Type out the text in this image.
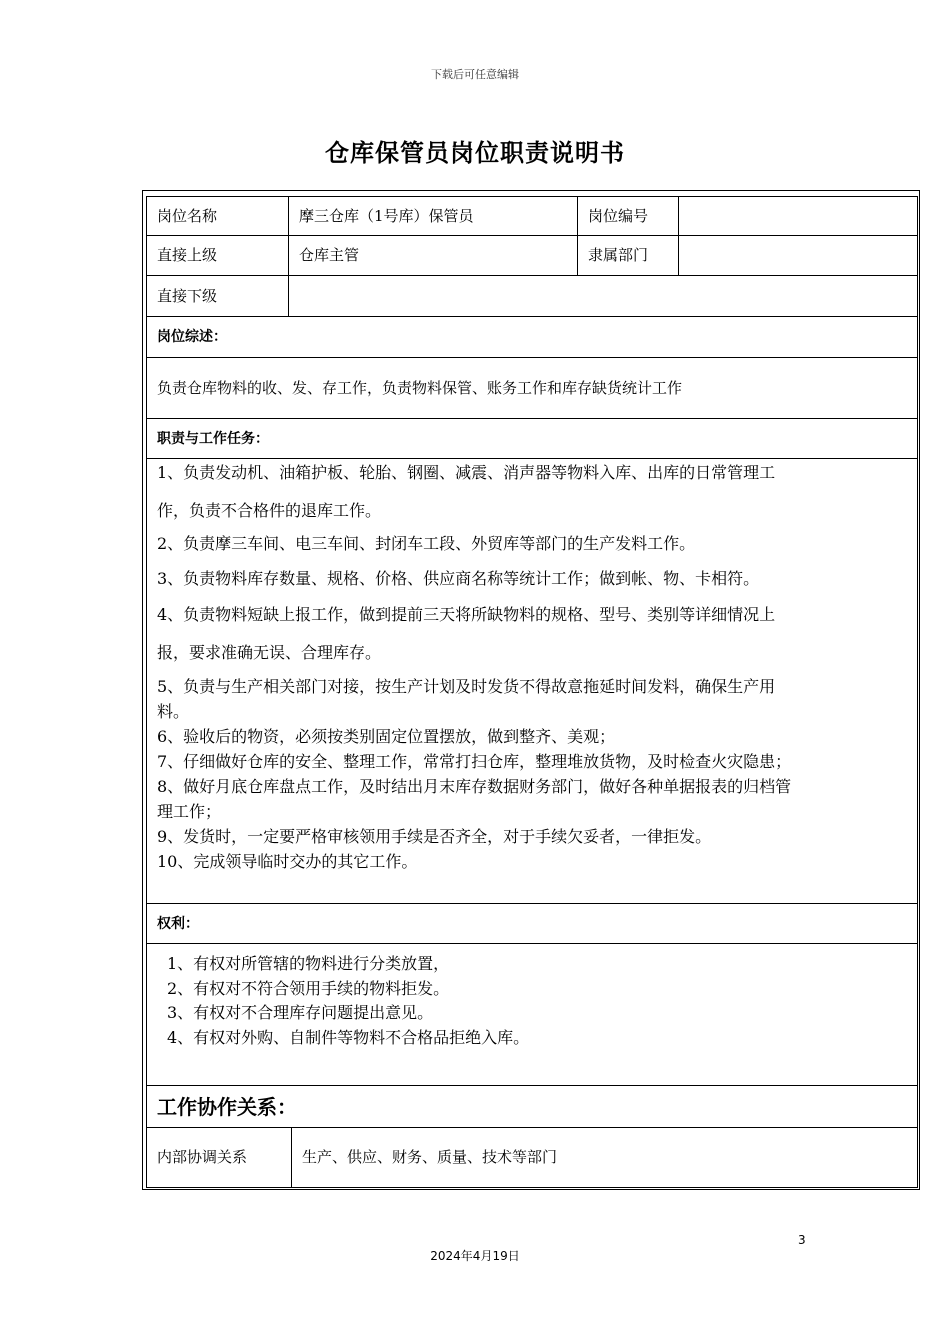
下载后可任意编辑
仓库保管员岗位职责说明书
岗位名称	摩三仓库（1号库）保管员	岗位编号
直接上级	仓库主管	隶属部门
直接下级
岗位综述：
负责仓库物料的收、发、存工作，负责物料保管、账务工作和库存缺货统计工作
职责与工作任务：
1、负责发动机、油箱护板、轮胎、钢圈、减震、消声器等物料入库、出库的日常管理工
作，负责不合格件的退库工作。
2、负责摩三车间、电三车间、封闭车工段、外贸库等部门的生产发料工作。
3、负责物料库存数量、规格、价格、供应商名称等统计工作；做到帐、物、卡相符。
4、负责物料短缺上报工作，做到提前三天将所缺物料的规格、型号、类别等详细情况上
报，要求准确无误、合理库存。
5、负责与生产相关部门对接，按生产计划及时发货不得故意拖延时间发料，确保生产用
料。
6、验收后的物资，必须按类别固定位置摆放，做到整齐、美观；
7、仔细做好仓库的安全、整理工作，常常打扫仓库，整理堆放货物，及时检查火灾隐患；
8、做好月底仓库盘点工作，及时结出月末库存数据财务部门，做好各种单据报表的归档管
理工作；
9、发货时，一定要严格审核领用手续是否齐全，对于手续欠妥者，一律拒发。
10、完成领导临时交办的其它工作。
权利：
1、有权对所管辖的物料进行分类放置，
2、有权对不符合领用手续的物料拒发。
3、有权对不合理库存问题提出意见。
4、有权对外购、自制件等物料不合格品拒绝入库。
工作协作关系：
内部协调关系	生产、供应、财务、质量、技术等部门
3
2024年4月19日
